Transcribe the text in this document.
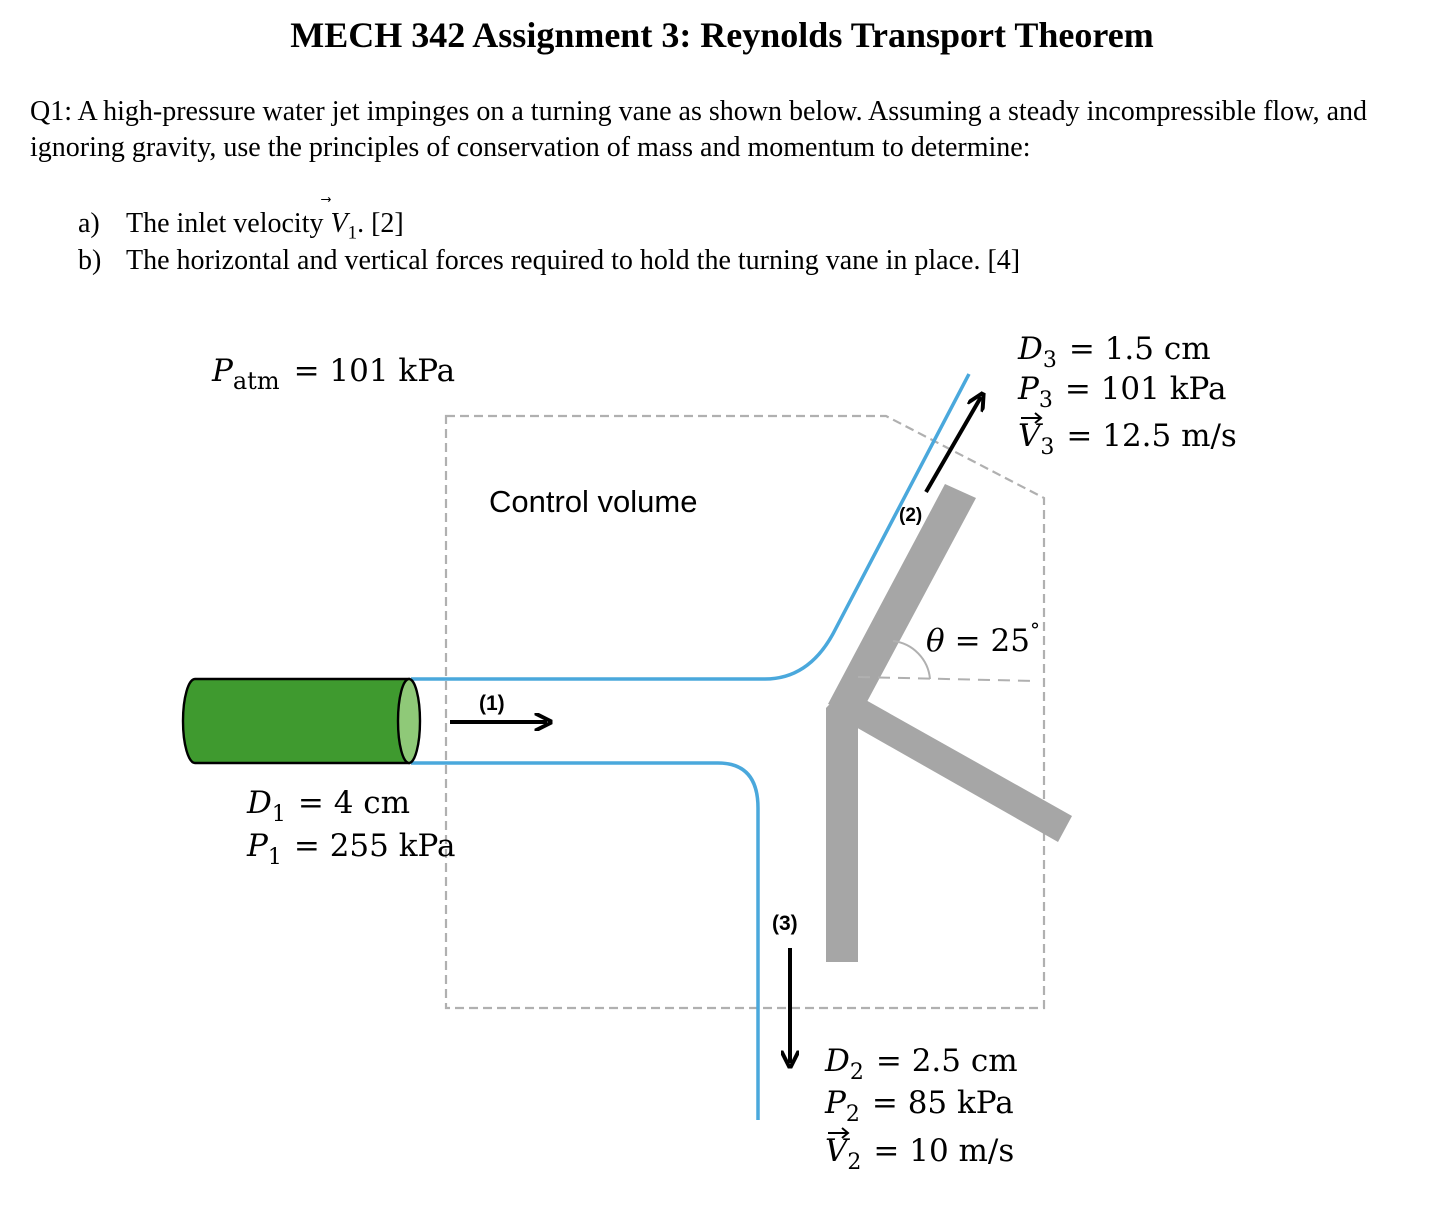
MECH 342 Assignment 3: Reynolds Transport Theorem
Q1: A high-pressure water jet impinges on a turning vane as shown below. Assuming a steady incompressible flow, and ignoring gravity, use the principles of conservation of mass and momentum to determine:
a) The inlet velocity
$V_1$. [2]
b) The horizontal and vertical forces required to hold the turning vane in place. [4]
(1)
(2)
(3)
Control volume
$P_{atm} = 101$ kPa
$D_1 = 4$ cm
$P_1 = 255$ kPa
$D_3 = 1.5$ cm
$P_3 = 101$ kPa
$V_3 = 12.5$ m/s
$D_2 = 2.5$ cm
$P_2 = 85$ kPa
$V_2 = 10$ m/s
θ = 25°
